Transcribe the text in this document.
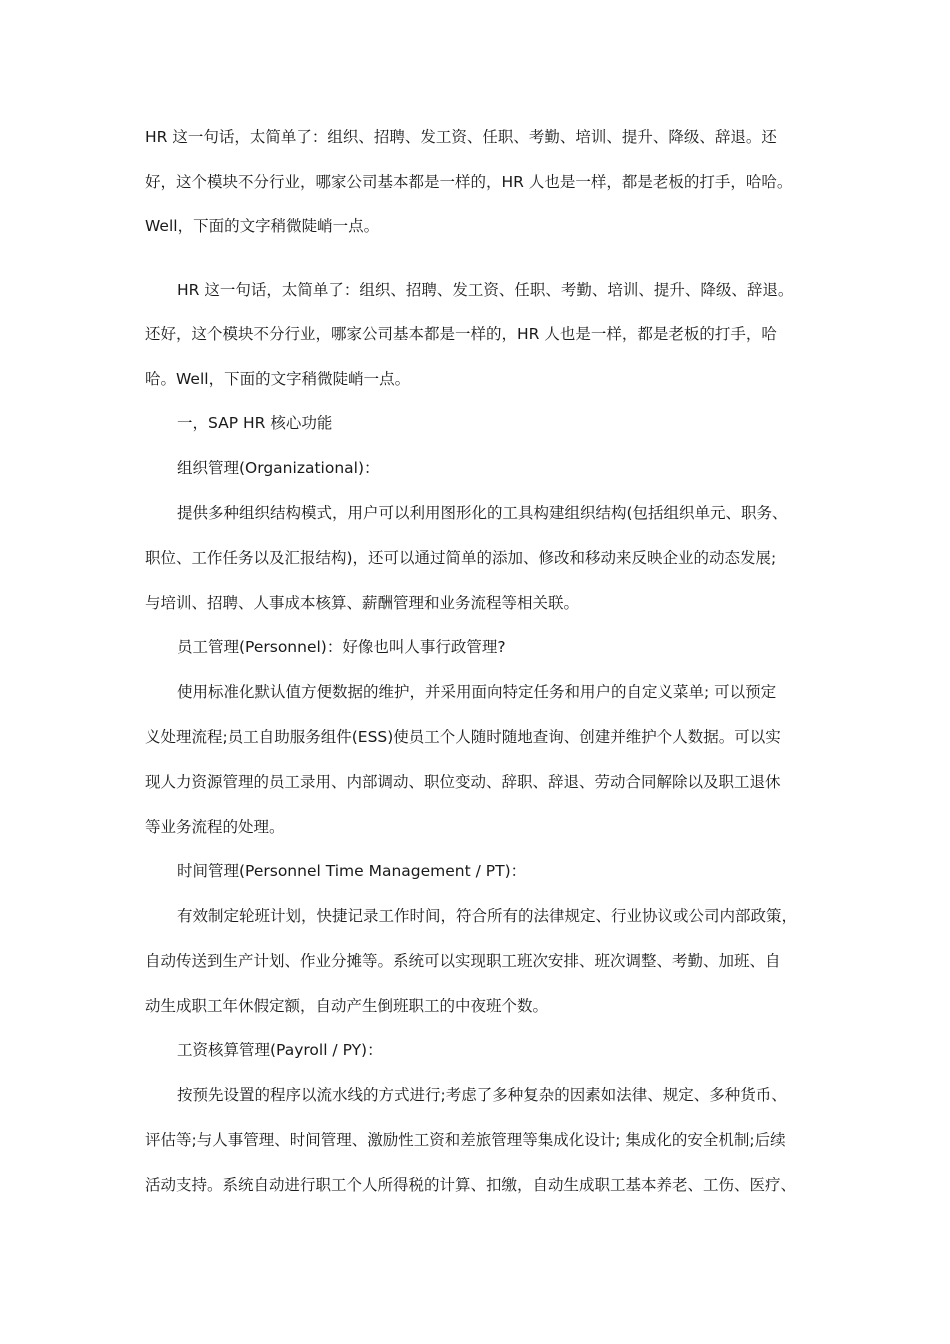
HR 这一句话，太简单了：组织、招聘、发工资、任职、考勤、培训、提升、降级、辞退。还

好，这个模块不分行业，哪家公司基本都是一样的，HR 人也是一样，都是老板的打手，哈哈。

Well，下面的文字稍微陡峭一点。

HR 这一句话，太简单了：组织、招聘、发工资、任职、考勤、培训、提升、降级、辞退。

还好，这个模块不分行业，哪家公司基本都是一样的，HR 人也是一样，都是老板的打手，哈

哈。Well，下面的文字稍微陡峭一点。

一，SAP HR 核心功能

组织管理(Organizational)：

提供多种组织结构模式，用户可以利用图形化的工具构建组织结构(包括组织单元、职务、

职位、工作任务以及汇报结构)，还可以通过简单的添加、修改和移动来反映企业的动态发展;

与培训、招聘、人事成本核算、薪酬管理和业务流程等相关联。

员工管理(Personnel)：好像也叫人事行政管理?

使用标准化默认值方便数据的维护，并采用面向特定任务和用户的自定义菜单; 可以预定

义处理流程;员工自助服务组件(ESS)使员工个人随时随地查询、创建并维护个人数据。可以实

现人力资源管理的员工录用、内部调动、职位变动、辞职、辞退、劳动合同解除以及职工退休

等业务流程的处理。

时间管理(Personnel Time Management / PT)：

有效制定轮班计划，快捷记录工作时间，符合所有的法律规定、行业协议或公司内部政策，

自动传送到生产计划、作业分摊等。系统可以实现职工班次安排、班次调整、考勤、加班、自

动生成职工年休假定额，自动产生倒班职工的中夜班个数。

工资核算管理(Payroll / PY)：

按预先设置的程序以流水线的方式进行;考虑了多种复杂的因素如法律、规定、多种货币、

评估等;与人事管理、时间管理、激励性工资和差旅管理等集成化设计; 集成化的安全机制;后续

活动支持。系统自动进行职工个人所得税的计算、扣缴，自动生成职工基本养老、工伤、医疗、
